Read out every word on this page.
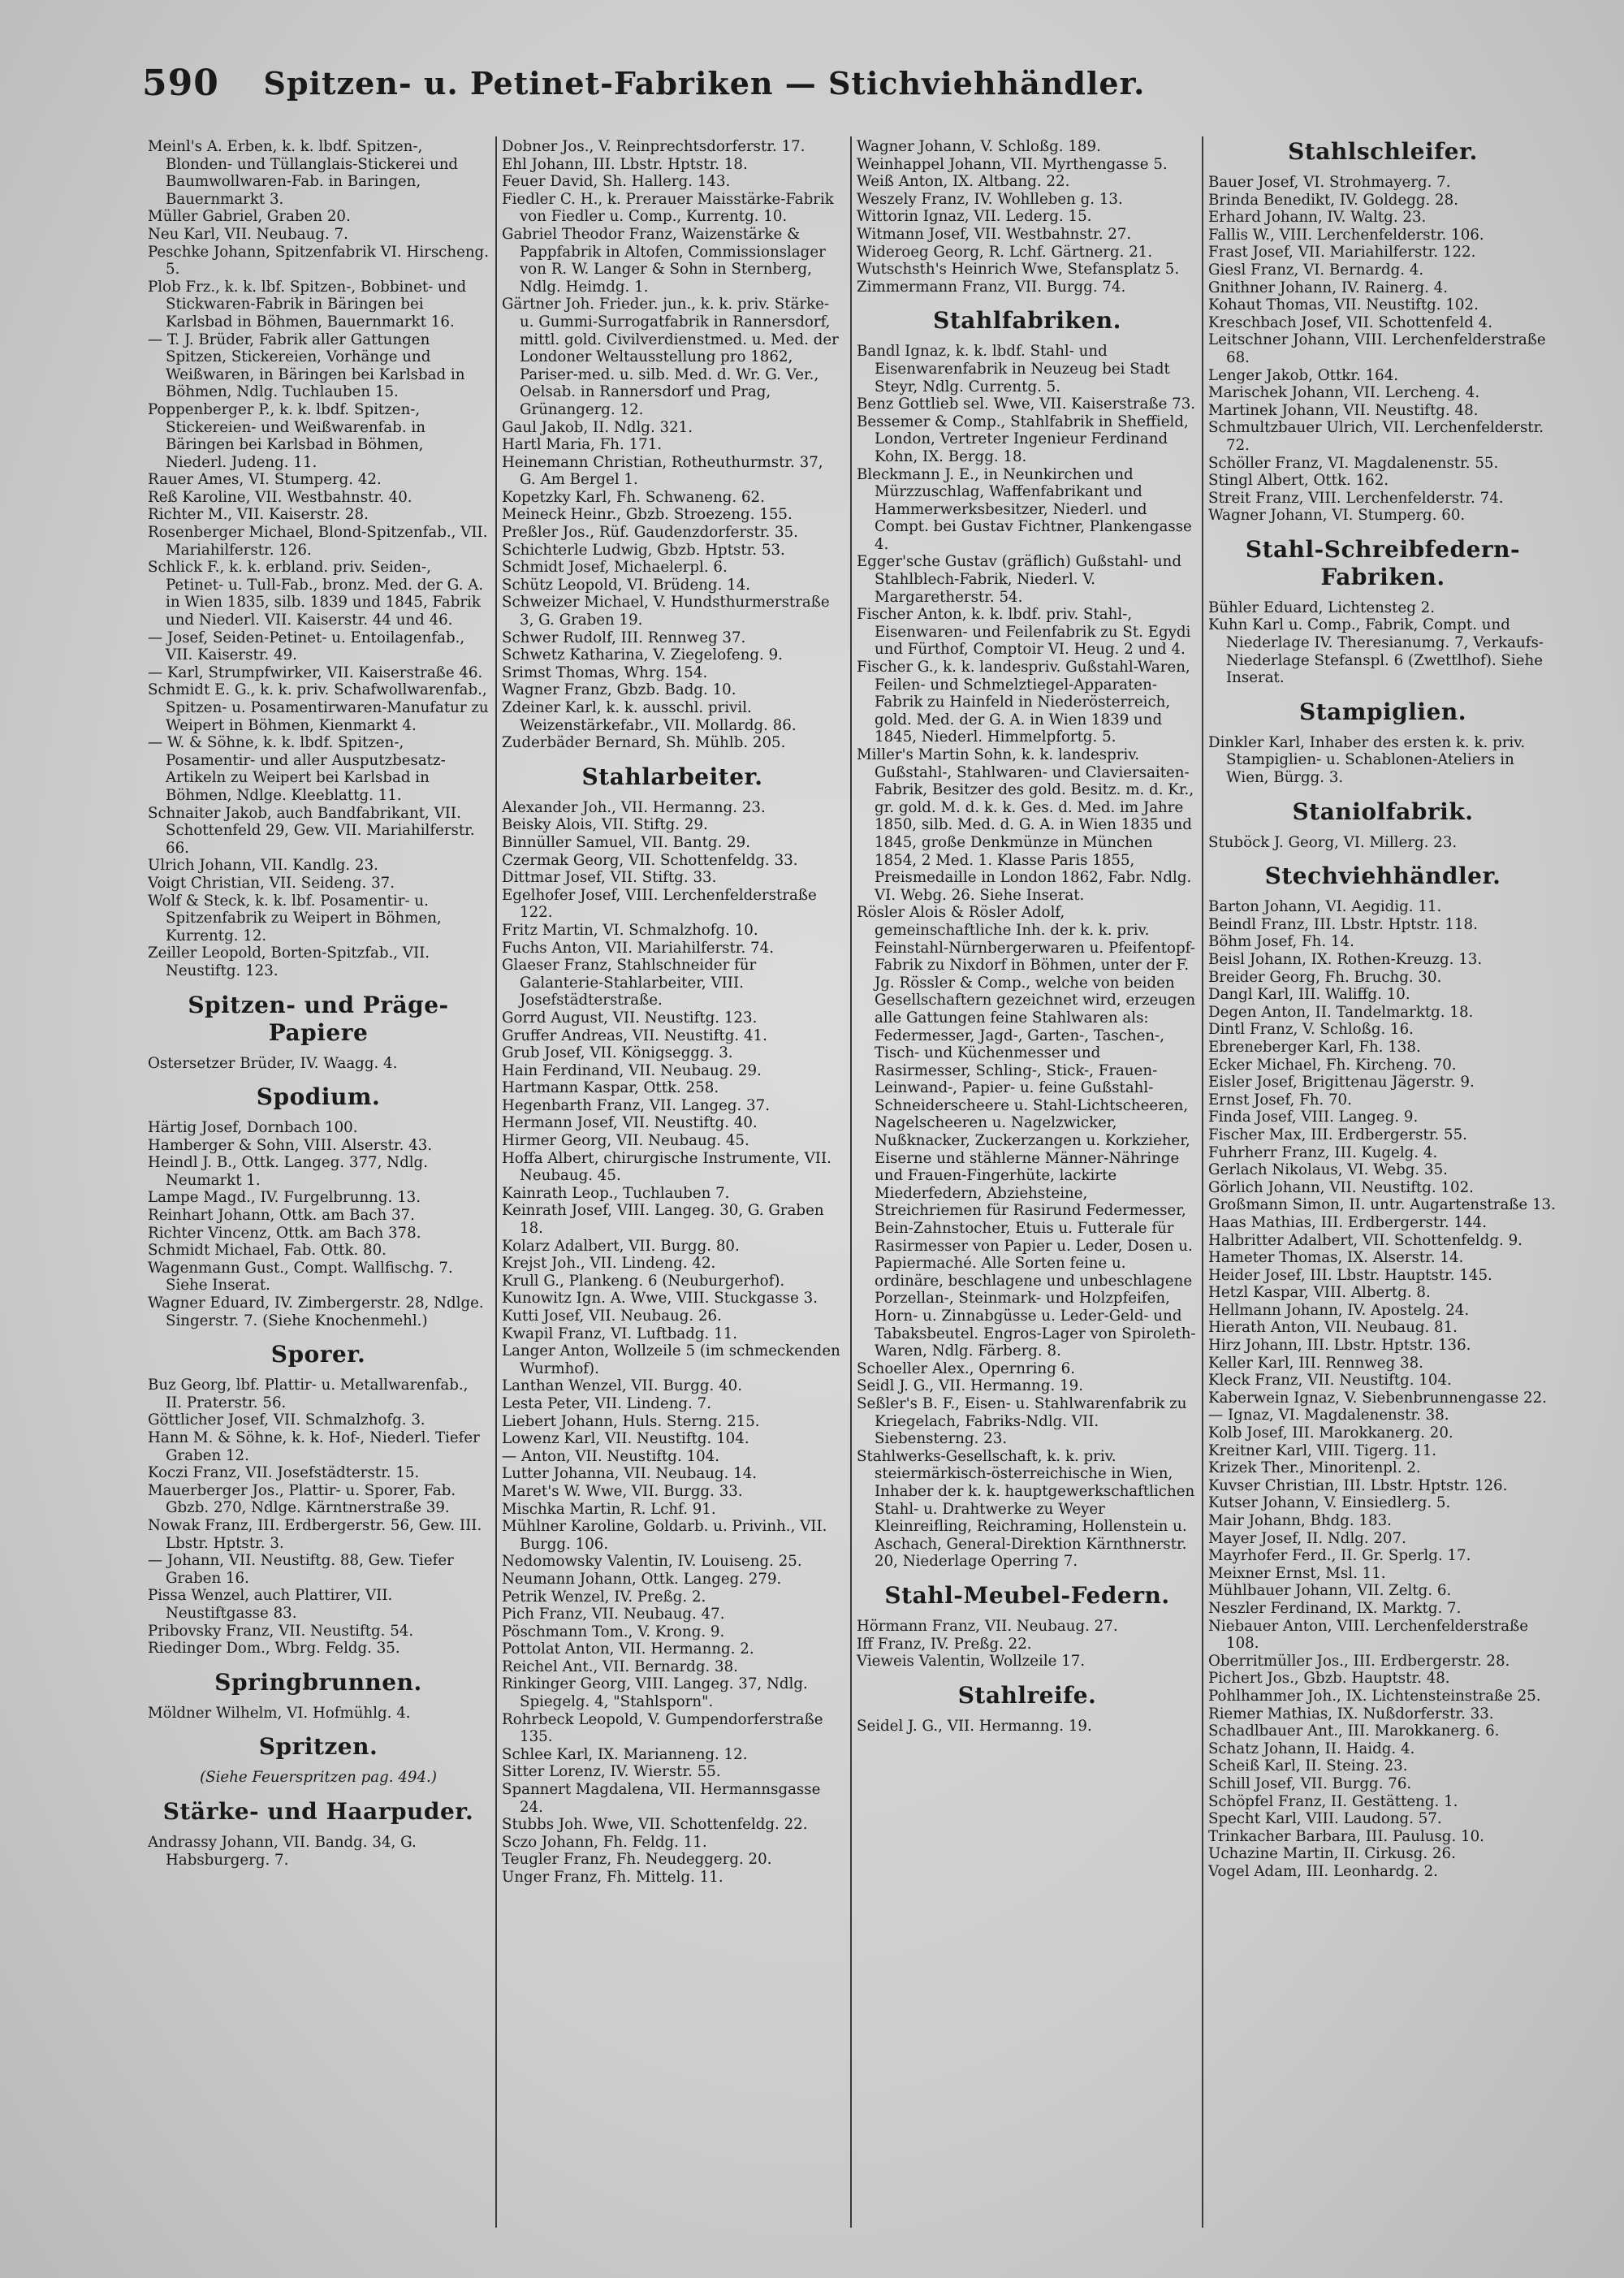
590	Spitzen- u. Petinet-Fabriken — Stichviehhändler.

Meinl's A. Erben, k. k. lbdf. Spitzen-, Blonden- und Tüllanglais-Stickerei und Baumwollwaren-Fab. in Baringen, Bauernmarkt 3.

Müller Gabriel, Graben 20.

Neu Karl, VII. Neubaug. 7.

Peschke Johann, Spitzenfabrik VI. Hirscheng. 5.

Plob Frz., k. k. lbf. Spitzen-, Bobbinet- und Stickwaren-Fabrik in Bäringen bei Karlsbad in Böhmen, Bauernmarkt 16.

— T. J. Brüder, Fabrik aller Gattungen Spitzen, Stickereien, Vorhänge und Weißwaren, in Bäringen bei Karlsbad in Böhmen, Ndlg. Tuchlauben 15.

Poppenberger P., k. k. lbdf. Spitzen-, Stickereien- und Weißwarenfab. in Bäringen bei Karlsbad in Böhmen, Niederl. Judeng. 11.

Rauer Ames, VI. Stumperg. 42.

Reß Karoline, VII. Westbahnstr. 40.

Richter M., VII. Kaiserstr. 28.

Rosenberger Michael, Blond-Spitzenfab., VII. Mariahilferstr. 126.

Schlick F., k. k. erbland. priv. Seiden-, Petinet- u. Tull-Fab., bronz. Med. der G. A. in Wien 1835, silb. 1839 und 1845, Fabrik und Niederl. VII. Kaiserstr. 44 und 46.

— Josef, Seiden-Petinet- u. Entoilagenfab., VII. Kaiserstr. 49.

— Karl, Strumpfwirker, VII. Kaiserstraße 46.

Schmidt E. G., k. k. priv. Schafwollwarenfab., Spitzen- u. Posamentirwaren-Manufatur zu Weipert in Böhmen, Kienmarkt 4.

— W. & Söhne, k. k. lbdf. Spitzen-, Posamentir- und aller Ausputzbesatz-Artikeln zu Weipert bei Karlsbad in Böhmen, Ndlge. Kleeblattg. 11.

Schnaiter Jakob, auch Bandfabrikant, VII. Schottenfeld 29, Gew. VII. Mariahilferstr. 66.

Ulrich Johann, VII. Kandlg. 23.

Voigt Christian, VII. Seideng. 37.

Wolf & Steck, k. k. lbf. Posamentir- u. Spitzenfabrik zu Weipert in Böhmen, Kurrentg. 12.

Zeiller Leopold, Borten-Spitzfab., VII. Neustiftg. 123.

Spitzen- und Präge-Papiere

Ostersetzer Brüder, IV. Waagg. 4.

Spodium.

Härtig Josef, Dornbach 100.

Hamberger & Sohn, VIII. Alserstr. 43.

Heindl J. B., Ottk. Langeg. 377, Ndlg. Neumarkt 1.

Lampe Magd., IV. Furgelbrunng. 13.

Reinhart Johann, Ottk. am Bach 37.

Richter Vincenz, Ottk. am Bach 378.

Schmidt Michael, Fab. Ottk. 80.

Wagenmann Gust., Compt. Wallfischg. 7. Siehe Inserat.

Wagner Eduard, IV. Zimbergerstr. 28, Ndlge. Singerstr. 7. (Siehe Knochenmehl.)

Sporer.

Buz Georg, lbf. Plattir- u. Metallwarenfab., II. Praterstr. 56.

Göttlicher Josef, VII. Schmalzhofg. 3.

Hann M. & Söhne, k. k. Hof-, Niederl. Tiefer Graben 12.

Koczi Franz, VII. Josefstädterstr. 15.

Mauerberger Jos., Plattir- u. Sporer, Fab. Gbzb. 270, Ndlge. Kärntnerstraße 39.

Nowak Franz, III. Erdbergerstr. 56, Gew. III. Lbstr. Hptstr. 3.

— Johann, VII. Neustiftg. 88, Gew. Tiefer Graben 16.

Pissa Wenzel, auch Plattirer, VII. Neustiftgasse 83.

Pribovsky Franz, VII. Neustiftg. 54.

Riedinger Dom., Wbrg. Feldg. 35.

Springbrunnen.

Möldner Wilhelm, VI. Hofmühlg. 4.

Spritzen.

(Siehe Feuerspritzen pag. 494.)

Stärke- und Haarpuder.

Andrassy Johann, VII. Bandg. 34, G. Habsburgerg. 7.

Dobner Jos., V. Reinprechtsdorferstr. 17.

Ehl Johann, III. Lbstr. Hptstr. 18.

Feuer David, Sh. Hallerg. 143.

Fiedler C. H., k. Prerauer Maisstärke-Fabrik von Fiedler u. Comp., Kurrentg. 10.

Gabriel Theodor Franz, Waizenstärke & Pappfabrik in Altofen, Commissionslager von R. W. Langer & Sohn in Sternberg, Ndlg. Heimdg. 1.

Gärtner Joh. Frieder. jun., k. k. priv. Stärke- u. Gummi-Surrogatfabrik in Rannersdorf, mittl. gold. Civilverdienstmed. u. Med. der Londoner Weltausstellung pro 1862, Pariser-med. u. silb. Med. d. Wr. G. Ver., Oelsab. in Rannersdorf und Prag, Grünangerg. 12.

Gaul Jakob, II. Ndlg. 321.

Hartl Maria, Fh. 171.

Heinemann Christian, Rotheuthurmstr. 37, G. Am Bergel 1.

Kopetzky Karl, Fh. Schwaneng. 62.

Meineck Heinr., Gbzb. Stroezeng. 155.

Preßler Jos., Rüf. Gaudenzdorferstr. 35.

Schichterle Ludwig, Gbzb. Hptstr. 53.

Schmidt Josef, Michaelerpl. 6.

Schütz Leopold, VI. Brüdeng. 14.

Schweizer Michael, V. Hundsthurmerstraße 3, G. Graben 19.

Schwer Rudolf, III. Rennweg 37.

Schwetz Katharina, V. Ziegelofeng. 9.

Srimst Thomas, Whrg. 154.

Wagner Franz, Gbzb. Badg. 10.

Zdeiner Karl, k. k. ausschl. privil. Weizenstärkefabr., VII. Mollardg. 86.

Zuderbäder Bernard, Sh. Mühlb. 205.

Stahlarbeiter.

Alexander Joh., VII. Hermanng. 23.

Beisky Alois, VII. Stiftg. 29.

Binnüller Samuel, VII. Bantg. 29.

Czermak Georg, VII. Schottenfeldg. 33.

Dittmar Josef, VII. Stiftg. 33.

Egelhofer Josef, VIII. Lerchenfelderstraße 122.

Fritz Martin, VI. Schmalzhofg. 10.

Fuchs Anton, VII. Mariahilferstr. 74.

Glaeser Franz, Stahlschneider für Galanterie-Stahlarbeiter, VIII. Josefstädterstraße.

Gorrd August, VII. Neustiftg. 123.

Gruffer Andreas, VII. Neustiftg. 41.

Grub Josef, VII. Königseggg. 3.

Hain Ferdinand, VII. Neubaug. 29.

Hartmann Kaspar, Ottk. 258.

Hegenbarth Franz, VII. Langeg. 37.

Hermann Josef, VII. Neustiftg. 40.

Hirmer Georg, VII. Neubaug. 45.

Hoffa Albert, chirurgische Instrumente, VII. Neubaug. 45.

Kainrath Leop., Tuchlauben 7.

Keinrath Josef, VIII. Langeg. 30, G. Graben 18.

Kolarz Adalbert, VII. Burgg. 80.

Krejst Joh., VII. Lindeng. 42.

Krull G., Plankeng. 6 (Neuburgerhof).

Kunowitz Ign. A. Wwe, VIII. Stuckgasse 3.

Kutti Josef, VII. Neubaug. 26.

Kwapil Franz, VI. Luftbadg. 11.

Langer Anton, Wollzeile 5 (im schmeckenden Wurmhof).

Lanthan Wenzel, VII. Burgg. 40.

Lesta Peter, VII. Lindeng. 7.

Liebert Johann, Huls. Sterng. 215.

Lowenz Karl, VII. Neustiftg. 104.

— Anton, VII. Neustiftg. 104.

Lutter Johanna, VII. Neubaug. 14.

Maret's W. Wwe, VII. Burgg. 33.

Mischka Martin, R. Lchf. 91.

Mühlner Karoline, Goldarb. u. Privinh., VII. Burgg. 106.

Nedomowsky Valentin, IV. Louiseng. 25.

Neumann Johann, Ottk. Langeg. 279.

Petrik Wenzel, IV. Preßg. 2.

Pich Franz, VII. Neubaug. 47.

Pöschmann Tom., V. Krong. 9.

Pottolat Anton, VII. Hermanng. 2.

Reichel Ant., VII. Bernardg. 38.

Rinkinger Georg, VIII. Langeg. 37, Ndlg. Spiegelg. 4, "Stahlsporn".

Rohrbeck Leopold, V. Gumpendorferstraße 135.

Schlee Karl, IX. Marianneng. 12.

Sitter Lorenz, IV. Wierstr. 55.

Spannert Magdalena, VII. Hermannsgasse 24.

Stubbs Joh. Wwe, VII. Schottenfeldg. 22.

Sczo Johann, Fh. Feldg. 11.

Teugler Franz, Fh. Neudeggerg. 20.

Unger Franz, Fh. Mittelg. 11.

Wagner Johann, V. Schloßg. 189.

Weinhappel Johann, VII. Myrthengasse 5.

Weiß Anton, IX. Altbang. 22.

Weszely Franz, IV. Wohlleben g. 13.

Wittorin Ignaz, VII. Lederg. 15.

Witmann Josef, VII. Westbahnstr. 27.

Wideroeg Georg, R. Lchf. Gärtnerg. 21.

Wutschsth's Heinrich Wwe, Stefansplatz 5.

Zimmermann Franz, VII. Burgg. 74.

Stahlfabriken.

Bandl Ignaz, k. k. lbdf. Stahl- und Eisenwarenfabrik in Neuzeug bei Stadt Steyr, Ndlg. Currentg. 5.

Benz Gottlieb sel. Wwe, VII. Kaiserstraße 73.

Bessemer & Comp., Stahlfabrik in Sheffield, London, Vertreter Ingenieur Ferdinand Kohn, IX. Bergg. 18.

Bleckmann J. E., in Neunkirchen und Mürzzuschlag, Waffenfabrikant und Hammerwerksbesitzer, Niederl. und Compt. bei Gustav Fichtner, Plankengasse 4.

Egger'sche Gustav (gräflich) Gußstahl- und Stahlblech-Fabrik, Niederl. V. Margaretherstr. 54.

Fischer Anton, k. k. lbdf. priv. Stahl-, Eisenwaren- und Feilenfabrik zu St. Egydi und Fürthof, Comptoir VI. Heug. 2 und 4.

Fischer G., k. k. landespriv. Gußstahl-Waren, Feilen- und Schmelztiegel-Apparaten-Fabrik zu Hainfeld in Niederösterreich, gold. Med. der G. A. in Wien 1839 und 1845, Niederl. Himmelpfortg. 5.

Miller's Martin Sohn, k. k. landespriv. Gußstahl-, Stahlwaren- und Claviersaiten-Fabrik, Besitzer des gold. Besitz. m. d. Kr., gr. gold. M. d. k. k. Ges. d. Med. im Jahre 1850, silb. Med. d. G. A. in Wien 1835 und 1845, große Denkmünze in München 1854, 2 Med. 1. Klasse Paris 1855, Preismedaille in London 1862, Fabr. Ndlg. VI. Webg. 26. Siehe Inserat.

Rösler Alois & Rösler Adolf, gemeinschaftliche Inh. der k. k. priv. Feinstahl-Nürnbergerwaren u. Pfeifentopf-Fabrik zu Nixdorf in Böhmen, unter der F. Jg. Rössler & Comp., welche von beiden Gesellschaftern gezeichnet wird, erzeugen alle Gattungen feine Stahlwaren als: Federmesser, Jagd-, Garten-, Taschen-, Tisch- und Küchenmesser und Rasirmesser, Schling-, Stick-, Frauen-Leinwand-, Papier- u. feine Gußstahl-Schneiderscheere u. Stahl-Lichtscheeren, Nagelscheeren u. Nagelzwicker, Nußknacker, Zuckerzangen u. Korkzieher, Eiserne und stählerne Männer-Nähringe und Frauen-Fingerhüte, lackirte Miederfedern, Abziehsteine, Streichriemen für Rasirund Federmesser, Bein-Zahnstocher, Etuis u. Futterale für Rasirmesser von Papier u. Leder, Dosen u. Papiermaché. Alle Sorten feine u. ordinäre, beschlagene und unbeschlagene Porzellan-, Steinmark- und Holzpfeifen, Horn- u. Zinnabgüsse u. Leder-Geld- und Tabaksbeutel. Engros-Lager von Spiroleth-Waren, Ndlg. Färberg. 8.

Schoeller Alex., Opernring 6.

Seidl J. G., VII. Hermanng. 19.

Seßler's B. F., Eisen- u. Stahlwarenfabrik zu Kriegelach, Fabriks-Ndlg. VII. Siebensterng. 23.

Stahlwerks-Gesellschaft, k. k. priv. steiermärkisch-österreichische in Wien, Inhaber der k. k. hauptgewerkschaftlichen Stahl- u. Drahtwerke zu Weyer Kleinreifling, Reichraming, Hollenstein u. Aschach, General-Direktion Kärnthnerstr. 20, Niederlage Operring 7.

Stahl-Meubel-Federn.

Hörmann Franz, VII. Neubaug. 27.

Iff Franz, IV. Preßg. 22.

Vieweis Valentin, Wollzeile 17.

Stahlreife.

Seidel J. G., VII. Hermanng. 19.

Stahlschleifer.

Bauer Josef, VI. Strohmayerg. 7.

Brinda Benedikt, IV. Goldegg. 28.

Erhard Johann, IV. Waltg. 23.

Fallis W., VIII. Lerchenfelderstr. 106.

Frast Josef, VII. Mariahilferstr. 122.

Giesl Franz, VI. Bernardg. 4.

Gnithner Johann, IV. Rainerg. 4.

Kohaut Thomas, VII. Neustiftg. 102.

Kreschbach Josef, VII. Schottenfeld 4.

Leitschner Johann, VIII. Lerchenfelderstraße 68.

Lenger Jakob, Ottkr. 164.

Marischek Johann, VII. Lercheng. 4.

Martinek Johann, VII. Neustiftg. 48.

Schmultzbauer Ulrich, VII. Lerchenfelderstr. 72.

Schöller Franz, VI. Magdalenenstr. 55.

Stingl Albert, Ottk. 162.

Streit Franz, VIII. Lerchenfelderstr. 74.

Wagner Johann, VI. Stumperg. 60.

Stahl-Schreibfedern-Fabriken.

Bühler Eduard, Lichtensteg 2.

Kuhn Karl u. Comp., Fabrik, Compt. und Niederlage IV. Theresianumg. 7, Verkaufs-Niederlage Stefanspl. 6 (Zwettlhof). Siehe Inserat.

Stampiglien.

Dinkler Karl, Inhaber des ersten k. k. priv. Stampiglien- u. Schablonen-Ateliers in Wien, Bürgg. 3.

Staniolfabrik.

Stuböck J. Georg, VI. Millerg. 23.

Stechviehhändler.

Barton Johann, VI. Aegidig. 11.

Beindl Franz, III. Lbstr. Hptstr. 118.

Böhm Josef, Fh. 14.

Beisl Johann, IX. Rothen-Kreuzg. 13.

Breider Georg, Fh. Bruchg. 30.

Dangl Karl, III. Waliffg. 10.

Degen Anton, II. Tandelmarktg. 18.

Dintl Franz, V. Schloßg. 16.

Ebreneberger Karl, Fh. 138.

Ecker Michael, Fh. Kircheng. 70.

Eisler Josef, Brigittenau Jägerstr. 9.

Ernst Josef, Fh. 70.

Finda Josef, VIII. Langeg. 9.

Fischer Max, III. Erdbergerstr. 55.

Fuhrherr Franz, III. Kugelg. 4.

Gerlach Nikolaus, VI. Webg. 35.

Görlich Johann, VII. Neustiftg. 102.

Großmann Simon, II. untr. Augartenstraße 13.

Haas Mathias, III. Erdbergerstr. 144.

Halbritter Adalbert, VII. Schottenfeldg. 9.

Hameter Thomas, IX. Alserstr. 14.

Heider Josef, III. Lbstr. Hauptstr. 145.

Hetzl Kaspar, VIII. Albertg. 8.

Hellmann Johann, IV. Apostelg. 24.

Hierath Anton, VII. Neubaug. 81.

Hirz Johann, III. Lbstr. Hptstr. 136.

Keller Karl, III. Rennweg 38.

Kleck Franz, VII. Neustiftg. 104.

Kaberwein Ignaz, V. Siebenbrunnengasse 22.

— Ignaz, VI. Magdalenenstr. 38.

Kolb Josef, III. Marokkanerg. 20.

Kreitner Karl, VIII. Tigerg. 11.

Krizek Ther., Minoritenpl. 2.

Kuvser Christian, III. Lbstr. Hptstr. 126.

Kutser Johann, V. Einsiedlerg. 5.

Mair Johann, Bhdg. 183.

Mayer Josef, II. Ndlg. 207.

Mayrhofer Ferd., II. Gr. Sperlg. 17.

Meixner Ernst, Msl. 11.

Mühlbauer Johann, VII. Zeltg. 6.

Neszler Ferdinand, IX. Marktg. 7.

Niebauer Anton, VIII. Lerchenfelderstraße 108.

Oberritmüller Jos., III. Erdbergerstr. 28.

Pichert Jos., Gbzb. Hauptstr. 48.

Pohlhammer Joh., IX. Lichtensteinstraße 25.

Riemer Mathias, IX. Nußdorferstr. 33.

Schadlbauer Ant., III. Marokkanerg. 6.

Schatz Johann, II. Haidg. 4.

Scheiß Karl, II. Steing. 23.

Schill Josef, VII. Burgg. 76.

Schöpfel Franz, II. Gestätteng. 1.

Specht Karl, VIII. Laudong. 57.

Trinkacher Barbara, III. Paulusg. 10.

Uchazine Martin, II. Cirkusg. 26.

Vogel Adam, III. Leonhardg. 2.
